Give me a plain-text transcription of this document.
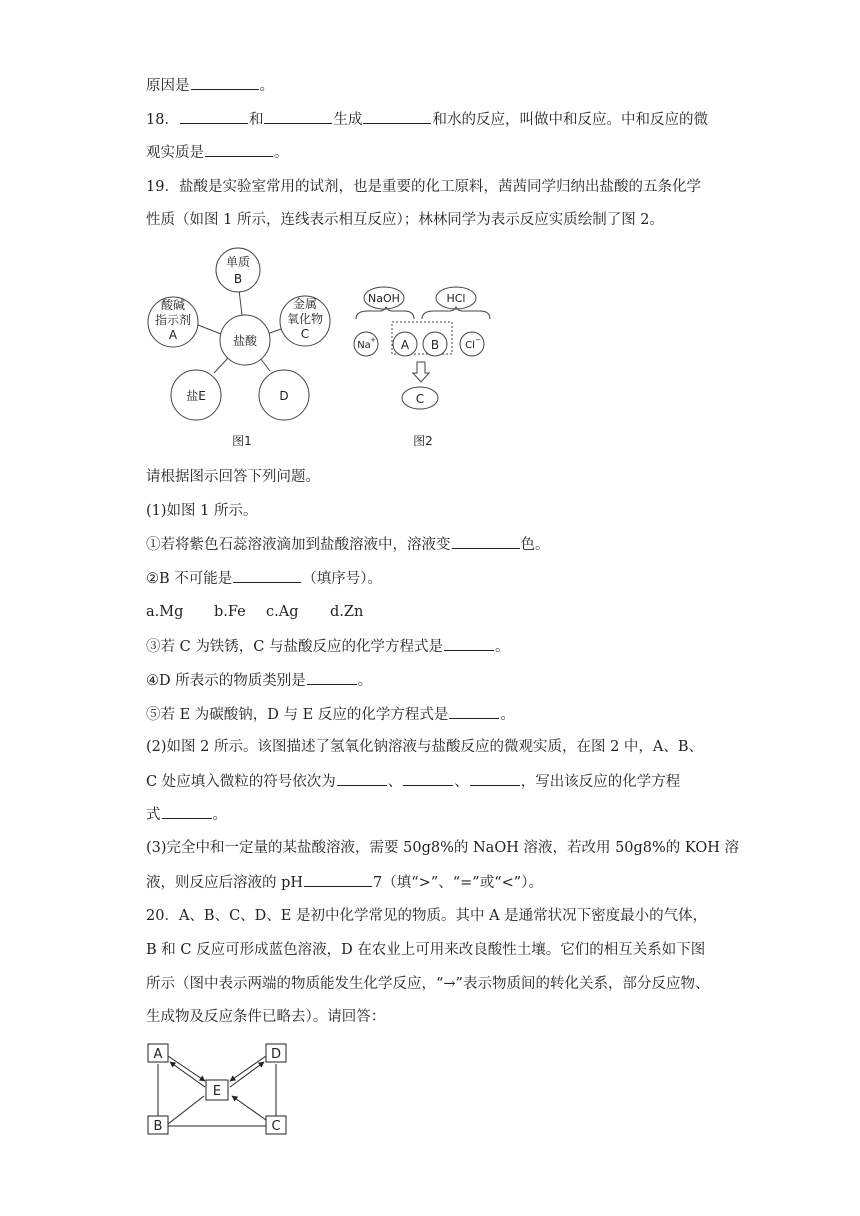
原因是	。
18．	和	生成	和水的反应，叫做中和反应。中和反应的微
观实质是	。
19．盐酸是实验室常用的试剂，也是重要的化工原料，茜茜同学归纳出盐酸的五条化学
性质（如图 1 所示，连线表示相互反应）；林林同学为表示反应实质绘制了图 2。
单质
B
酸碱
指示剂
A
金属
氧化物
C
盐酸
盐E	D
图1
NaOH	HCl
Na + A B	Cl −
C
图2
请根据图示回答下列问题。
(1)如图 1 所示。
①若将紫色石蕊溶液滴加到盐酸溶液中，溶液变	色。
②B 不可能是	（填序号）。
a.Mg b.Fe c.Ag d.Zn
③若 C 为铁锈，C 与盐酸反应的化学方程式是	。
④D 所表示的物质类别是	。
⑤若 E 为碳酸钠，D 与 E 反应的化学方程式是	。
(2)如图 2 所示。该图描述了氢氧化钠溶液与盐酸反应的微观实质，在图 2 中，A、B、
C 处应填入微粒的符号依次为	、	、	，写出该反应的化学方程
式	。
(3)完全中和一定量的某盐酸溶液，需要 50g8%的 NaOH 溶液，若改用 50g8%的 KOH 溶
液，则反应后溶液的 pH	7（填“>”、“=”或“<”）。
20．A、B、C、D、E 是初中化学常见的物质。其中 A 是通常状况下密度最小的气体，
B 和 C 反应可形成蓝色溶液，D 在农业上可用来改良酸性土壤。它们的相互关系如下图
所示（图中表示两端的物质能发生化学反应，“→”表示物质间的转化关系，部分反应物、
生成物及反应条件已略去）。请回答：
A	D
E
B	C
